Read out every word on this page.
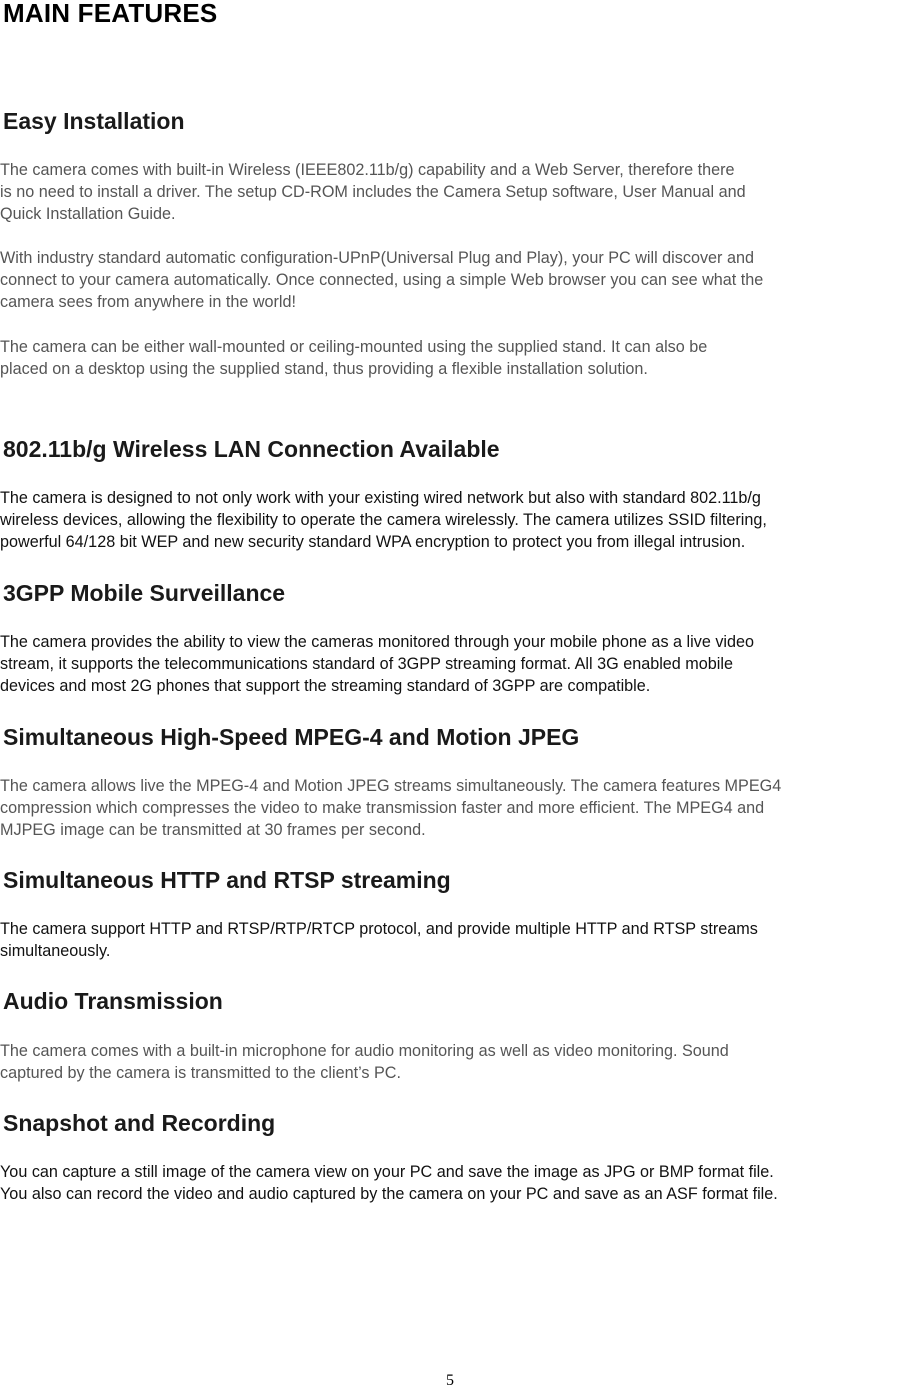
MAIN FEATURES
Easy Installation

The camera comes with built-in Wireless (IEEE802.11b/g) capability and a Web Server, therefore there
is no need to install a driver. The setup CD-ROM includes the Camera Setup software, User Manual and
Quick Installation Guide.

With industry standard automatic configuration-UPnP(Universal Plug and Play), your PC will discover and
connect to your camera automatically. Once connected, using a simple Web browser you can see what the
camera sees from anywhere in the world!

The camera can be either wall-mounted or ceiling-mounted using the supplied stand. It can also be
placed on a desktop using the supplied stand, thus providing a flexible installation solution.

802.11b/g Wireless LAN Connection Available

The camera is designed to not only work with your existing wired network but also with standard 802.11b/g
wireless devices, allowing the flexibility to operate the camera wirelessly. The camera utilizes SSID filtering,
powerful 64/128 bit WEP and new security standard WPA encryption to protect you from illegal intrusion.

3GPP Mobile Surveillance

The camera provides the ability to view the cameras monitored through your mobile phone as a live video
stream, it supports the telecommunications standard of 3GPP streaming format. All 3G enabled mobile
devices and most 2G phones that support the streaming standard of 3GPP are compatible.

Simultaneous High-Speed MPEG-4 and Motion JPEG

The camera allows live the MPEG-4 and Motion JPEG streams simultaneously. The camera features MPEG4
compression which compresses the video to make transmission faster and more efficient. The MPEG4 and
MJPEG image can be transmitted at 30 frames per second.

Simultaneous HTTP and RTSP streaming

The camera support HTTP and RTSP/RTP/RTCP protocol, and provide multiple HTTP and RTSP streams
simultaneously.

Audio Transmission

The camera comes with a built-in microphone for audio monitoring as well as video monitoring. Sound
captured by the camera is transmitted to the client’s PC.

Snapshot and Recording

You can capture a still image of the camera view on your PC and save the image as JPG or BMP format file.
You also can record the video and audio captured by the camera on your PC and save as an ASF format file.

5
